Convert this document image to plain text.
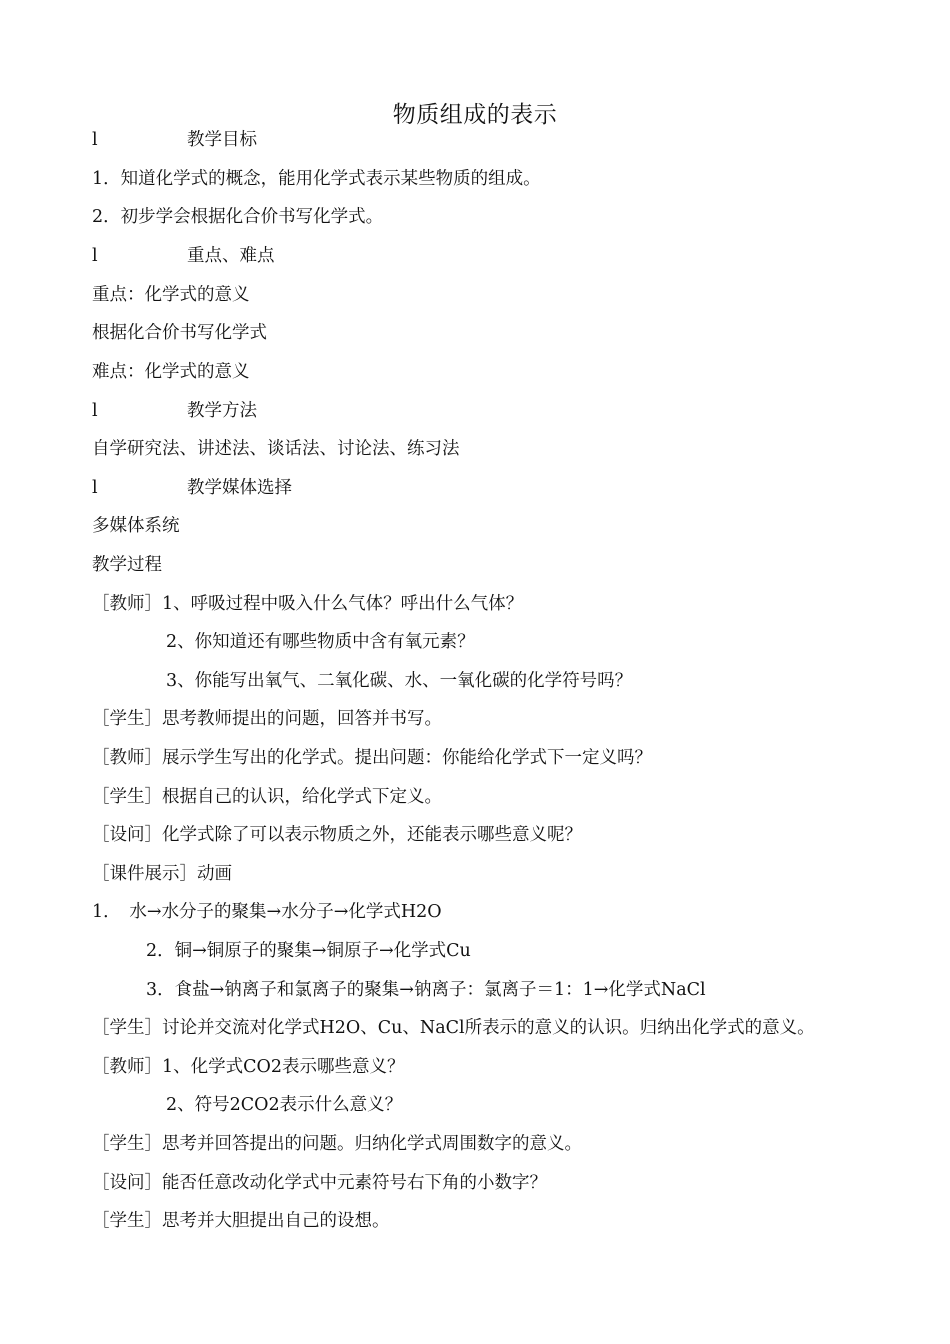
物质组成的表示
l	教学目标
1．知道化学式的概念，能用化学式表示某些物质的组成。
2．初步学会根据化合价书写化学式。
l	重点、难点
重点：化学式的意义
根据化合价书写化学式
难点：化学式的意义
l	教学方法
自学研究法、讲述法、谈话法、讨论法、练习法
l	教学媒体选择
多媒体系统
教学过程
［教师］1、呼吸过程中吸入什么气体？呼出什么气体？
2、你知道还有哪些物质中含有氧元素？
3、你能写出氧气、二氧化碳、水、一氧化碳的化学符号吗？
［学生］思考教师提出的问题，回答并书写。
［教师］展示学生写出的化学式。提出问题：你能给化学式下一定义吗？
［学生］根据自己的认识，给化学式下定义。
［设问］化学式除了可以表示物质之外，还能表示哪些意义呢？
［课件展示］动画
1．　水→水分子的聚集→水分子→化学式H2O
2．铜→铜原子的聚集→铜原子→化学式Cu
3．食盐→钠离子和氯离子的聚集→钠离子：氯离子＝1：1→化学式NaCl
［学生］讨论并交流对化学式H2O、Cu、NaCl所表示的意义的认识。归纳出化学式的意义。
［教师］1、化学式CO2表示哪些意义？
2、符号2CO2表示什么意义？
［学生］思考并回答提出的问题。归纳化学式周围数字的意义。
［设问］能否任意改动化学式中元素符号右下角的小数字？
［学生］思考并大胆提出自己的设想。
